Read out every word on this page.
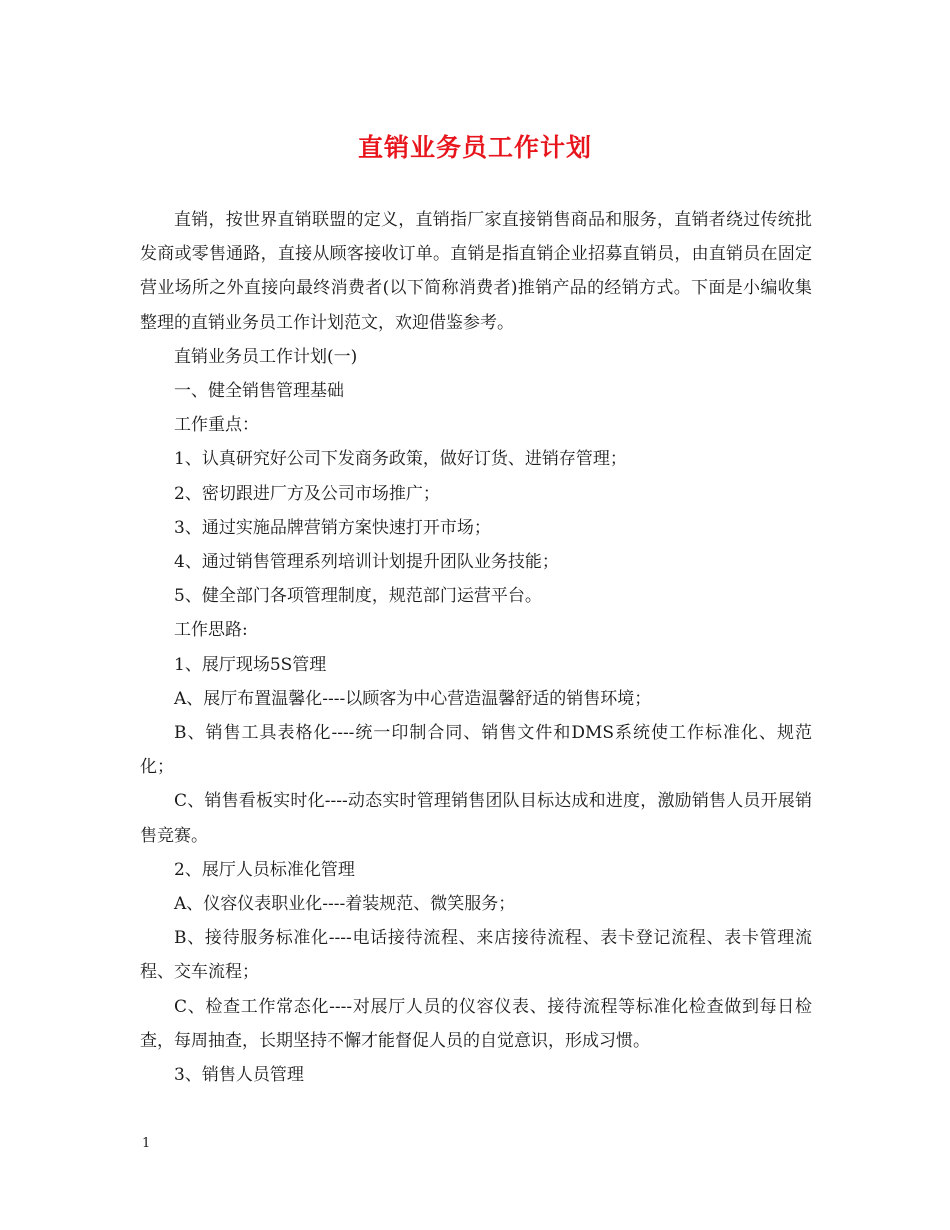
直销业务员工作计划

直销，按世界直销联盟的定义，直销指厂家直接销售商品和服务，直销者绕过传统批发商或零售通路，直接从顾客接收订单。直销是指直销企业招募直销员，由直销员在固定营业场所之外直接向最终消费者(以下简称消费者)推销产品的经销方式。下面是小编收集整理的直销业务员工作计划范文，欢迎借鉴参考。

直销业务员工作计划(一)

一、健全销售管理基础

工作重点：

1、认真研究好公司下发商务政策，做好订货、进销存管理；

2、密切跟进厂方及公司市场推广；

3、通过实施品牌营销方案快速打开市场；

4、通过销售管理系列培训计划提升团队业务技能；

5、健全部门各项管理制度，规范部门运营平台。

工作思路:

1、展厅现场5S管理

A、展厅布置温馨化----以顾客为中心营造温馨舒适的销售环境；

B、销售工具表格化----统一印制合同、销售文件和DMS系统使工作标准化、规范化；

C、销售看板实时化----动态实时管理销售团队目标达成和进度，激励销售人员开展销售竞赛。

2、展厅人员标准化管理

A、仪容仪表职业化----着装规范、微笑服务；

B、接待服务标准化----电话接待流程、来店接待流程、表卡登记流程、表卡管理流程、交车流程；

C、检查工作常态化----对展厅人员的仪容仪表、接待流程等标准化检查做到每日检查，每周抽查，长期坚持不懈才能督促人员的自觉意识，形成习惯。

3、销售人员管理

1
